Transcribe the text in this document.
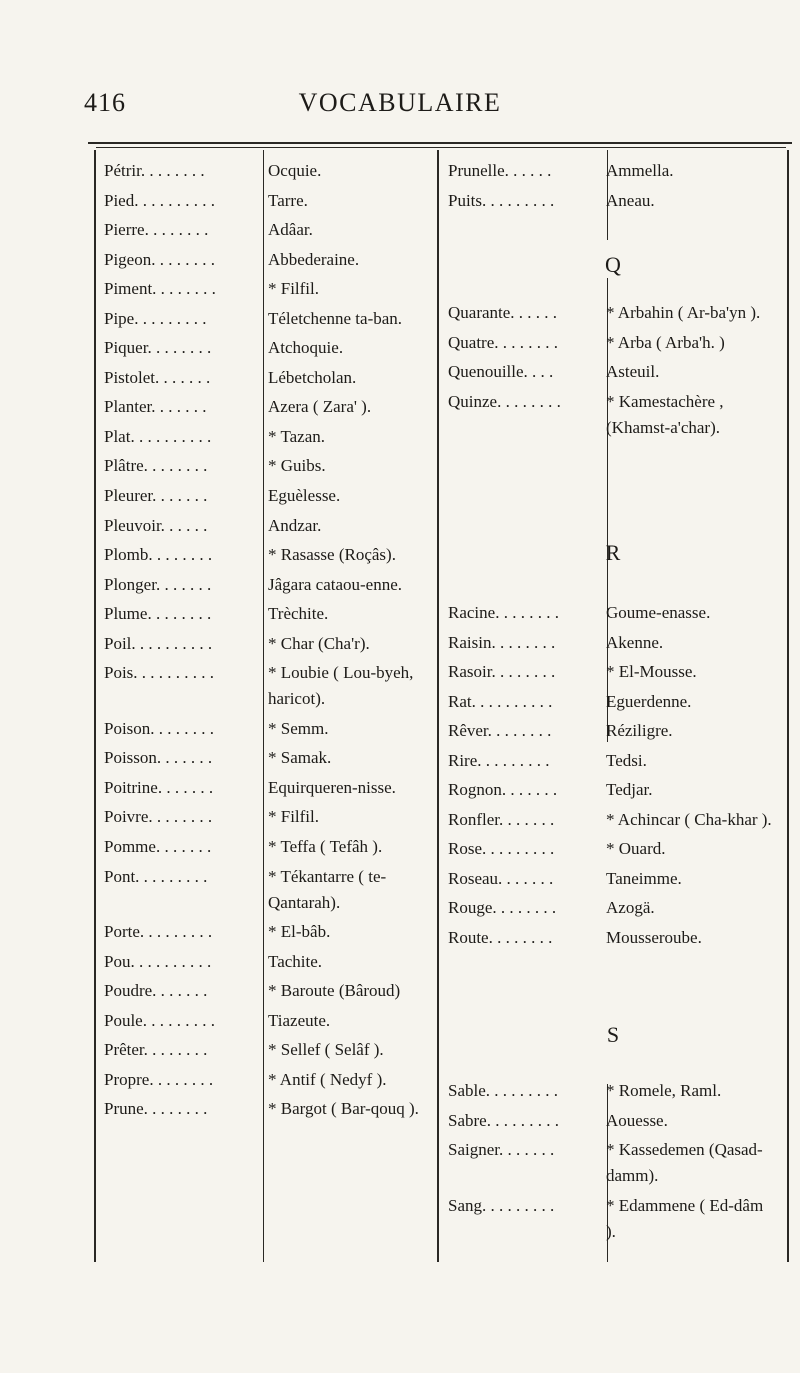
416	VOCABULAIRE
Pétrir. . . . . . . .	Ocquie.
Pied. . . . . . . . . .	Tarre.
Pierre. . . . . . . .	Adâar.
Pigeon. . . . . . . .	Abbederaine.
Piment. . . . . . . .	* Filfil.
Pipe. . . . . . . . .	Téletchenne ta-ban.
Piquer. . . . . . . .	Atchoquie.
Pistolet. . . . . . .	Lébetcholan.
Planter. . . . . . .	Azera ( Zara' ).
Plat. . . . . . . . . .	* Tazan.
Plâtre. . . . . . . .	* Guibs.
Pleurer. . . . . . .	Eguèlesse.
Pleuvoir. . . . . .	Andzar.
Plomb. . . . . . . .	* Rasasse (Roçâs).
Plonger. . . . . . .	Jâgara cataou-enne.
Plume. . . . . . . .	Trèchite.
Poil. . . . . . . . . .	* Char (Cha'r).
Pois. . . . . . . . . .	* Loubie ( Lou-byeh, haricot).
Poison. . . . . . . .	* Semm.
Poisson. . . . . . .	* Samak.
Poitrine. . . . . . .	Equirqueren-nisse.
Poivre. . . . . . . .	* Filfil.
Pomme. . . . . . .	* Teffa ( Tefâh ).
Pont. . . . . . . . .	* Tékantarre ( te-Qantarah).
Porte. . . . . . . . .	* El-bâb.
Pou. . . . . . . . . .	Tachite.
Poudre. . . . . . .	* Baroute (Bâroud)
Poule. . . . . . . . .	Tiazeute.
Prêter. . . . . . . .	* Sellef ( Selâf ).
Propre. . . . . . . .	* Antif ( Nedyf ).
Prune. . . . . . . .	* Bargot ( Bar-qouq ).
Prunelle. . . . . .	Ammella.
Puits. . . . . . . . .	Aneau.
Q
Quarante. . . . . .	* Arbahin ( Ar-ba'yn ).
Quatre. . . . . . . .	* Arba ( Arba'h. )
Quenouille. . . .	Asteuil.
Quinze. . . . . . . .	* Kamestachère , (Khamst-a'char).
R
Racine. . . . . . . .	Goume-enasse.
Raisin. . . . . . . .	Akenne.
Rasoir. . . . . . . .	* El-Mousse.
Rat. . . . . . . . . .	Eguerdenne.
Rêver. . . . . . . .	Réziligre.
Rire. . . . . . . . .	Tedsi.
Rognon. . . . . . .	Tedjar.
Ronfler. . . . . . .	* Achincar ( Cha-khar ).
Rose. . . . . . . . .	* Ouard.
Roseau. . . . . . .	Taneimme.
Rouge. . . . . . . .	Azogä.
Route. . . . . . . .	Mousseroube.
S
Sable. . . . . . . . .	* Romele, Raml.
Sabre. . . . . . . . .	Aouesse.
Saigner. . . . . . .	* Kassedemen (Qasad-damm).
Sang. . . . . . . . .	* Edammene ( Ed-dâm ).
